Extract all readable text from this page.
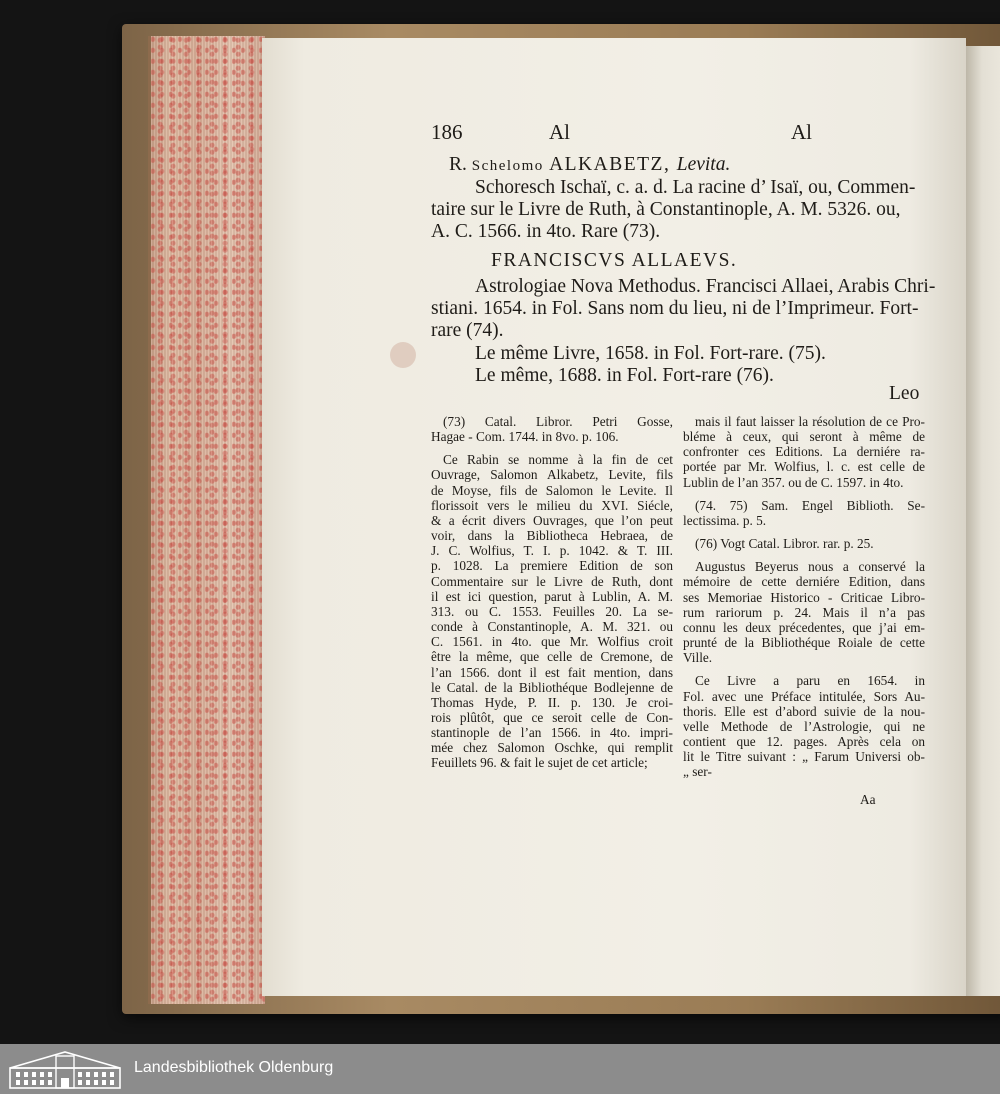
186	Al	Al
R. Schelomo ALKABETZ, Levita.
Schoresch Ischaï, c. a. d. La racine d’ Isaï, ou, Commen-
taire sur le Livre de Ruth, à Constantinople, A. M. 5326. ou,
A. C. 1566. in 4to. Rare (73).
FRANCISCVS ALLAEVS.
Astrologiae Nova Methodus. Francisci Allaei, Arabis Chri-
stiani. 1654. in Fol. Sans nom du lieu, ni de l’Imprimeur. Fort-
rare (74).
Le même Livre, 1658. in Fol. Fort-rare. (75).
Le même, 1688. in Fol. Fort-rare (76).
Leo

(73) Catal. Libror. Petri Gosse,

Hagae - Com. 1744. in 8vo. p. 106.

Ce Rabin se nomme à la fin de cet

Ouvrage, Salomon Alkabetz, Levite, fils

de Moyse, fils de Salomon le Levite. Il

florissoit vers le milieu du XVI. Siécle,

& a écrit divers Ouvrages, que l’on peut

voir, dans la Bibliotheca Hebraea, de

J. C. Wolfius, T. I. p. 1042. & T. III.

p. 1028. La premiere Edition de son

Commentaire sur le Livre de Ruth, dont

il est ici question, parut à Lublin, A. M.

313. ou C. 1553. Feuilles 20. La se-

conde à Constantinople, A. M. 321. ou

C. 1561. in 4to. que Mr. Wolfius croit

être la même, que celle de Cremone, de

l’an 1566. dont il est fait mention, dans

le Catal. de la Bibliothéque Bodlejenne de

Thomas Hyde, P. II. p. 130. Je croi-

rois plûtôt, que ce seroit celle de Con-

stantinople de l’an 1566. in 4to. impri-

mée chez Salomon Oschke, qui remplit

Feuillets 96. & fait le sujet de cet article;

mais il faut laisser la résolution de ce Pro-

bléme à ceux, qui seront à même de

confronter ces Editions. La derniére ra-

portée par Mr. Wolfius, l. c. est celle de

Lublin de l’an 357. ou de C. 1597. in 4to.

(74. 75) Sam. Engel Biblioth. Se-

lectissima. p. 5.

(76) Vogt Catal. Libror. rar. p. 25.

Augustus Beyerus nous a conservé la

mémoire de cette derniére Edition, dans

ses Memoriae Historico - Criticae Libro-

rum rariorum p. 24. Mais il n’a pas

connu les deux précedentes, que j’ai em-

prunté de la Bibliothéque Roiale de cette

Ville.

Ce Livre a paru en 1654. in

Fol. avec une Préface intitulée, Sors Au-

thoris. Elle est d’abord suivie de la nou-

velle Methode de l’Astrologie, qui ne

contient que 12. pages. Après cela on

lit le Titre suivant : „ Farum Universi ob-

„ ser-

Aa
Landesbibliothek Oldenburg
